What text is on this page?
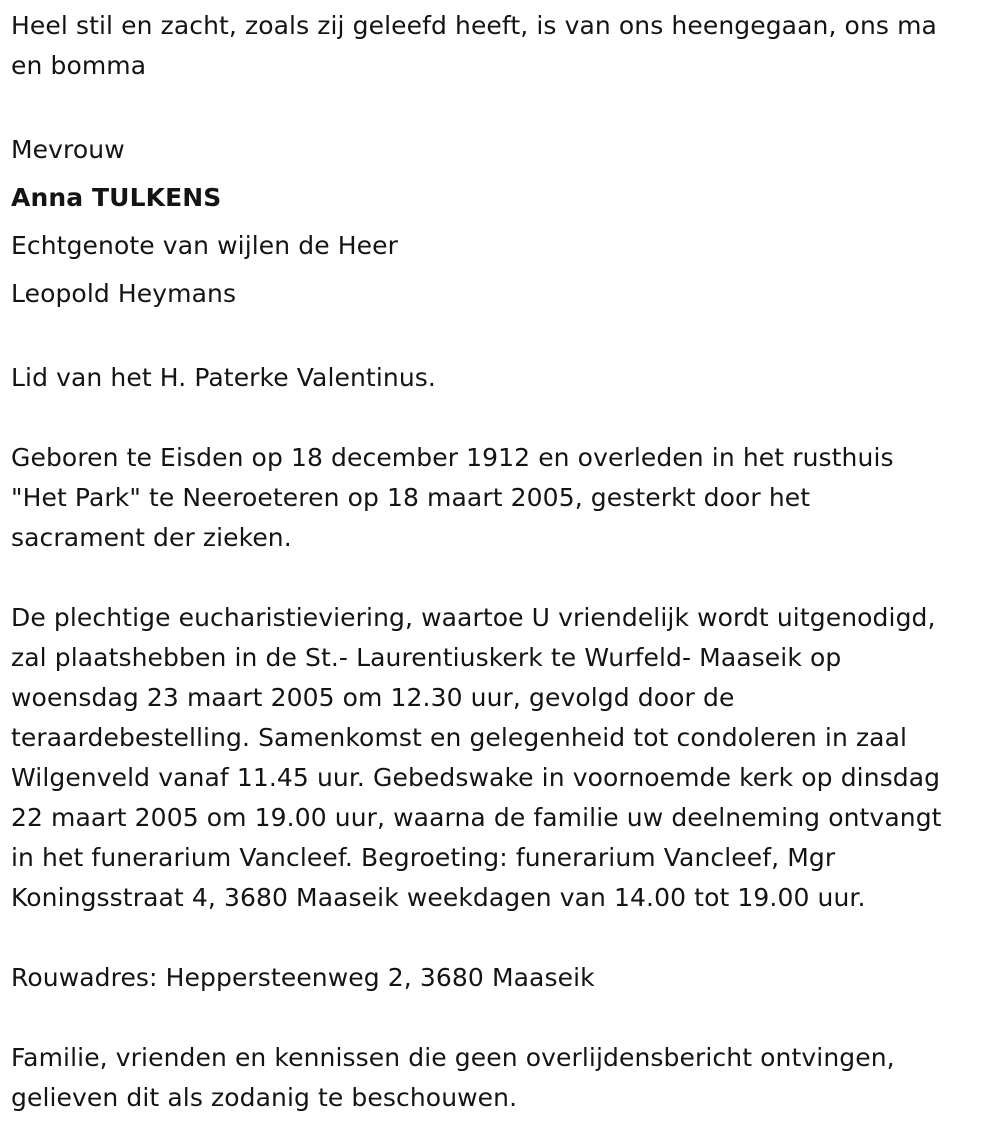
Heel stil en zacht, zoals zij geleefd heeft, is van ons heengegaan, ons ma
en bomma

Mevrouw

Anna TULKENS

Echtgenote van wijlen de Heer

Leopold Heymans

Lid van het H. Paterke Valentinus.

Geboren te Eisden op 18 december 1912 en overleden in het rusthuis
"Het Park" te Neeroeteren op 18 maart 2005, gesterkt door het
sacrament der zieken.

De plechtige eucharistieviering, waartoe U vriendelijk wordt uitgenodigd,
zal plaatshebben in de St.- Laurentiuskerk te Wurfeld- Maaseik op
woensdag 23 maart 2005 om 12.30 uur, gevolgd door de
teraardebestelling. Samenkomst en gelegenheid tot condoleren in zaal
Wilgenveld vanaf 11.45 uur. Gebedswake in voornoemde kerk op dinsdag
22 maart 2005 om 19.00 uur, waarna de familie uw deelneming ontvangt
in het funerarium Vancleef. Begroeting: funerarium Vancleef, Mgr
Koningsstraat 4, 3680 Maaseik weekdagen van 14.00 tot 19.00 uur.

Rouwadres: Heppersteenweg 2, 3680 Maaseik

Familie, vrienden en kennissen die geen overlijdensbericht ontvingen,
gelieven dit als zodanig te beschouwen.
